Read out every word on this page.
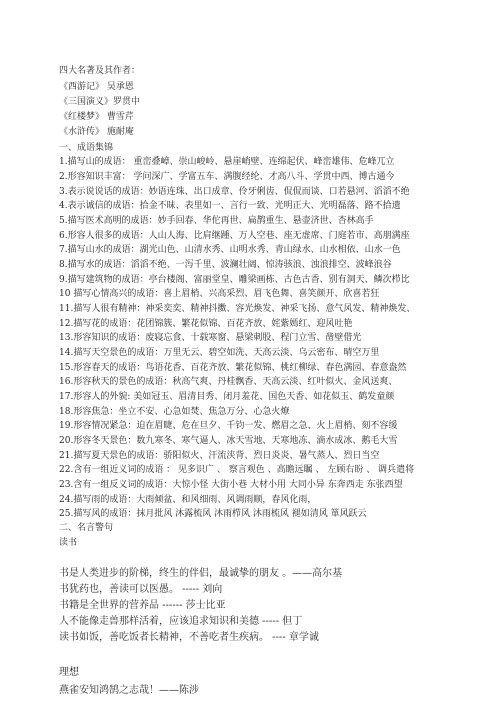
四大名著及其作者：
《西游记》 吴承恩
《三国演义》罗贯中
《红楼梦》 曹雪芹
《水浒传》 施耐庵
一、成语集锦
1.描写山的成语： 重峦叠嶂、崇山峻岭、悬崖峭壁、连绵起伏、峰峦雄伟、危峰兀立
2.形容知识丰富： 学问深广、学富五车、满腹经纶、才高八斗、学贯中西、博古通今
3.表示说说话的成语：妙语连珠、出口成章、伶牙俐齿、侃侃而谈、口若悬河、滔滔不绝
4.表示诚信的成语：拾金不昧、表里如一、言行一致、光明正大、光明磊落、路不拾遗
5.描写医术高明的成语：妙手回春、华佗再世、扁鹊重生、悬壶济世、杏林高手
6.形容人很多的成语：人山人海、比肩继踵、万人空巷、座无虚席、门庭若市、高朋满座
7.描写山水的成语：湖光山色、山清水秀、山明水秀、青山绿水、山水相依、山水一色
8.描写水的成语：滔滔不绝、一泻千里、波澜壮阔、惊涛骇浪、浊浪排空、波峰浪谷
9.描写建筑物的成语：亭台楼阁、富丽堂皇、雕梁画栋、古色古香、别有洞天、鳞次栉比
10 描写心情高兴的成语：喜上眉梢、兴高采烈、眉飞色舞、喜笑颜开、欣喜若狂
11.描写人很有精神：神采奕奕、精神抖擞、容光焕发、神采飞扬、意气风发、精神焕发、
12.描写花的成语：花团锦簇、繁花似锦、百花齐放、姹紫嫣红、迎风吐艳
13.形容知识的成语：废寝忘食、十载寒窗、悬梁刺股、程门立雪、凿壁借光
14.描写天空景色的成语：万里无云、碧空如洗、天高云淡、乌云密布、晴空万里
15.形容春天的成语：鸟语花香、百花齐放、繁花似锦、桃红柳绿、春色满园、春意盎然
16.形容秋天的景色的成语：秋高气爽、丹桂飘香、天高云淡、红叶似火、金风送爽、
17.形容人的外貌: 美如冠玉、眉清目秀、闭月羞花、国色天香、如花似玉、鹤发童颜
18.形容焦急：坐立不安、心急如焚、焦急万分、心急火燎
19.形容情况紧急：迫在眉睫、危在旦夕、千钧一发、燃眉之急、火上眉梢、刻不容缓
20.形容冬天景色：数九寒冬、寒气逼人、冰天雪地、天寒地冻、滴水成冰、鹅毛大雪
21.描写夏天景色的成语：骄阳似火、汗流浃背、烈日炎炎、暑气蒸人、烈日当空
22.含有一组近义词的成语 ： 见多识广 、 察言观色 、高瞻远瞩 、 左顾右盼 、 调兵遣将
23.含有一组反义词的成语：大惊小怪 大街小巷 大材小用 大同小异 东奔西走 东张西望
24.描写雨的成语：大雨倾盆、和风细雨、风调雨顺，春风化雨，
25.描写风的成语：抹月批风 沐露梳风 沐雨栉风 沐雨梳风 褪如清风 箪风跃云
二、名言警句
读书
书是人类进步的阶梯，终生的伴侣，最诚挚的朋友 。——高尔基
书犹药也，善读可以医愚。 ----- 刘向
书籍是全世界的营养品 ------ 莎士比亚
人不能像走兽那样活着，应该追求知识和美德 ----- 但丁
读书如饭，善吃饭者长精神，不善吃者生疾病。 ---- 章学诚
理想
燕雀安知鸿鹄之志哉！——陈涉
